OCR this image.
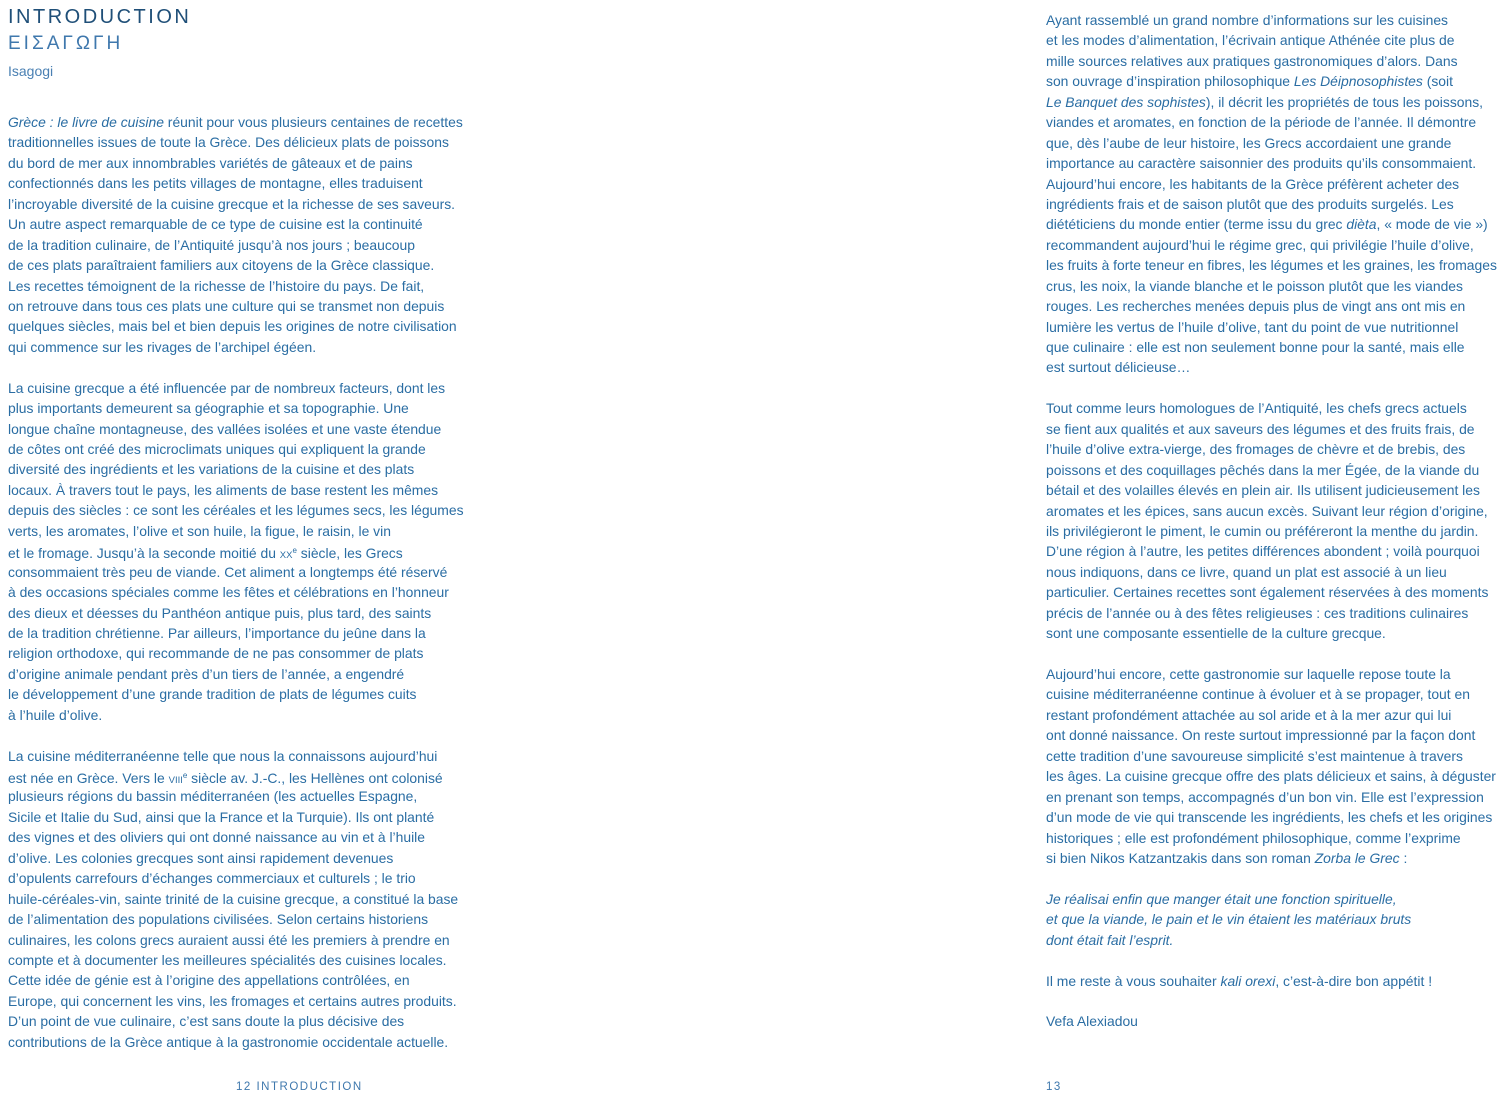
INTRODUCTION
ΕΙΣΑΓΩΓΗ
Isagogi
Grèce : le livre de cuisine réunit pour vous plusieurs centaines de recettes
traditionnelles issues de toute la Grèce. Des délicieux plats de poissons
du bord de mer aux innombrables variétés de gâteaux et de pains
confectionnés dans les petits villages de montagne, elles traduisent
l’incroyable diversité de la cuisine grecque et la richesse de ses saveurs.
Un autre aspect remarquable de ce type de cuisine est la continuité
de la tradition culinaire, de l’Antiquité jusqu’à nos jours ; beaucoup
de ces plats paraîtraient familiers aux citoyens de la Grèce classique.
Les recettes témoignent de la richesse de l’histoire du pays. De fait,
on retrouve dans tous ces plats une culture qui se transmet non depuis
quelques siècles, mais bel et bien depuis les origines de notre civilisation
qui commence sur les rivages de l’archipel égéen.
La cuisine grecque a été influencée par de nombreux facteurs, dont les
plus importants demeurent sa géographie et sa topographie. Une
longue chaîne montagneuse, des vallées isolées et une vaste étendue
de côtes ont créé des microclimats uniques qui expliquent la grande
diversité des ingrédients et les variations de la cuisine et des plats
locaux. À travers tout le pays, les aliments de base restent les mêmes
depuis des siècles : ce sont les céréales et les légumes secs, les légumes
verts, les aromates, l’olive et son huile, la figue, le raisin, le vin
et le fromage. Jusqu’à la seconde moitié du XXe siècle, les Grecs
consommaient très peu de viande. Cet aliment a longtemps été réservé
à des occasions spéciales comme les fêtes et célébrations en l’honneur
des dieux et déesses du Panthéon antique puis, plus tard, des saints
de la tradition chrétienne. Par ailleurs, l’importance du jeûne dans la
religion orthodoxe, qui recommande de ne pas consommer de plats
d’origine animale pendant près d’un tiers de l’année, a engendré
le développement d’une grande tradition de plats de légumes cuits
à l’huile d’olive.
La cuisine méditerranéenne telle que nous la connaissons aujourd’hui
est née en Grèce. Vers le VIIIe siècle av. J.-C., les Hellènes ont colonisé
plusieurs régions du bassin méditerranéen (les actuelles Espagne,
Sicile et Italie du Sud, ainsi que la France et la Turquie). Ils ont planté
des vignes et des oliviers qui ont donné naissance au vin et à l’huile
d’olive. Les colonies grecques sont ainsi rapidement devenues
d’opulents carrefours d’échanges commerciaux et culturels ; le trio
huile-céréales-vin, sainte trinité de la cuisine grecque, a constitué la base
de l’alimentation des populations civilisées. Selon certains historiens
culinaires, les colons grecs auraient aussi été les premiers à prendre en
compte et à documenter les meilleures spécialités des cuisines locales.
Cette idée de génie est à l’origine des appellations contrôlées, en
Europe, qui concernent les vins, les fromages et certains autres produits.
D’un point de vue culinaire, c’est sans doute la plus décisive des
contributions de la Grèce antique à la gastronomie occidentale actuelle.
12 INTRODUCTION
Ayant rassemblé un grand nombre d’informations sur les cuisines
et les modes d’alimentation, l’écrivain antique Athénée cite plus de
mille sources relatives aux pratiques gastronomiques d’alors. Dans
son ouvrage d’inspiration philosophique Les Déipnosophistes (soit
Le Banquet des sophistes), il décrit les propriétés de tous les poissons,
viandes et aromates, en fonction de la période de l’année. Il démontre
que, dès l’aube de leur histoire, les Grecs accordaient une grande
importance au caractère saisonnier des produits qu’ils consommaient.
Aujourd’hui encore, les habitants de la Grèce préfèrent acheter des
ingrédients frais et de saison plutôt que des produits surgelés. Les
diététiciens du monde entier (terme issu du grec dièta, « mode de vie »)
recommandent aujourd’hui le régime grec, qui privilégie l’huile d’olive,
les fruits à forte teneur en fibres, les légumes et les graines, les fromages
crus, les noix, la viande blanche et le poisson plutôt que les viandes
rouges. Les recherches menées depuis plus de vingt ans ont mis en
lumière les vertus de l’huile d’olive, tant du point de vue nutritionnel
que culinaire : elle est non seulement bonne pour la santé, mais elle
est surtout délicieuse…
Tout comme leurs homologues de l’Antiquité, les chefs grecs actuels
se fient aux qualités et aux saveurs des légumes et des fruits frais, de
l’huile d’olive extra-vierge, des fromages de chèvre et de brebis, des
poissons et des coquillages pêchés dans la mer Égée, de la viande du
bétail et des volailles élevés en plein air. Ils utilisent judicieusement les
aromates et les épices, sans aucun excès. Suivant leur région d’origine,
ils privilégieront le piment, le cumin ou préféreront la menthe du jardin.
D’une région à l’autre, les petites différences abondent ; voilà pourquoi
nous indiquons, dans ce livre, quand un plat est associé à un lieu
particulier. Certaines recettes sont également réservées à des moments
précis de l’année ou à des fêtes religieuses : ces traditions culinaires
sont une composante essentielle de la culture grecque.
Aujourd’hui encore, cette gastronomie sur laquelle repose toute la
cuisine méditerranéenne continue à évoluer et à se propager, tout en
restant profondément attachée au sol aride et à la mer azur qui lui
ont donné naissance. On reste surtout impressionné par la façon dont
cette tradition d’une savoureuse simplicité s’est maintenue à travers
les âges. La cuisine grecque offre des plats délicieux et sains, à déguster
en prenant son temps, accompagnés d’un bon vin. Elle est l’expression
d’un mode de vie qui transcende les ingrédients, les chefs et les origines
historiques ; elle est profondément philosophique, comme l’exprime
si bien Nikos Katzantzakis dans son roman Zorba le Grec :
Je réalisai enfin que manger était une fonction spirituelle,
et que la viande, le pain et le vin étaient les matériaux bruts
dont était fait l’esprit.
Il me reste à vous souhaiter kali orexi, c’est-à-dire bon appétit !
Vefa Alexiadou
13
